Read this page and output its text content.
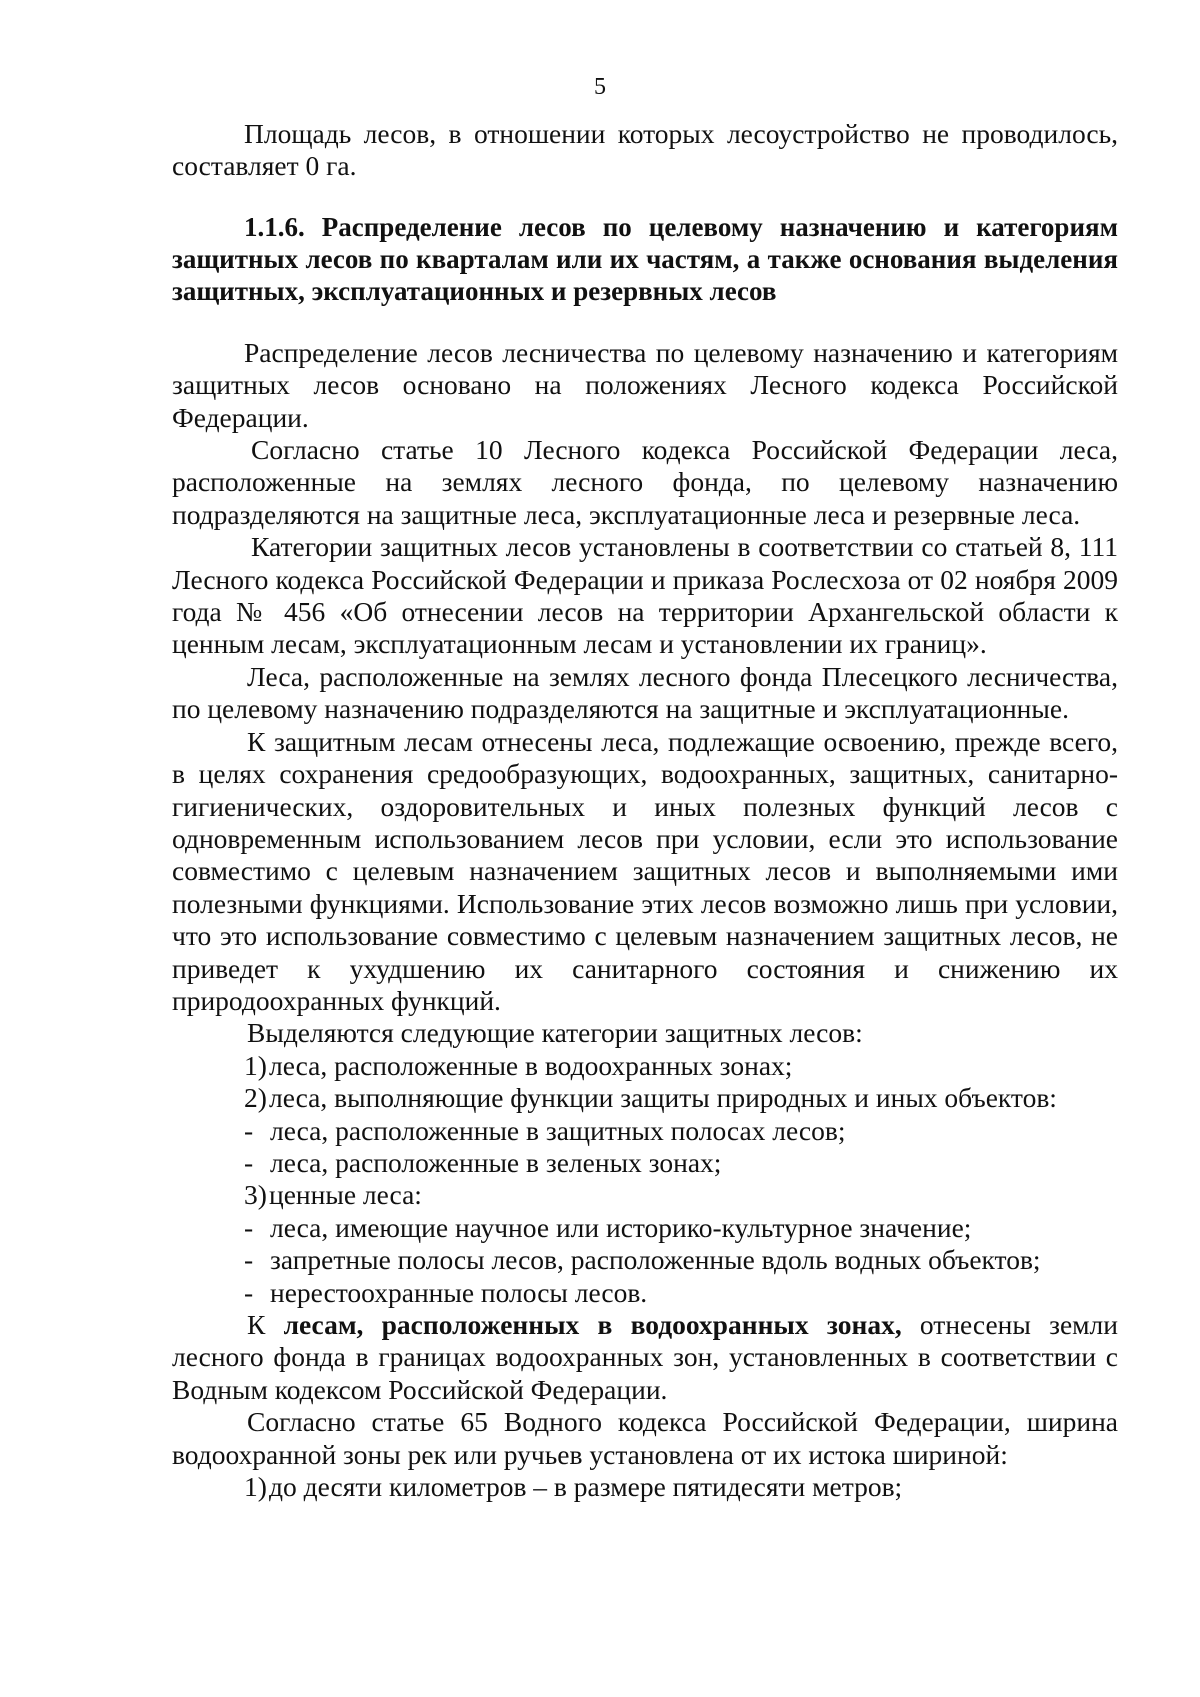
5

Площадь лесов, в отношении которых лесоустройство не проводилось, составляет 0 га.

1.1.6. Распределение лесов по целевому назначению и категориям защитных лесов по кварталам или их частям, а также основания выделения защитных, эксплуатационных и резервных лесов

Распределение лесов лесничества по целевому назначению и категориям защитных лесов основано на положениях Лесного кодекса Российской Федерации.

Согласно статье 10 Лесного кодекса Российской Федерации леса, расположенные на землях лесного фонда, по целевому назначению подразделяются на защитные леса, эксплуатационные леса и резервные леса.

Категории защитных лесов установлены в соответствии со статьей 8, 111 Лесного кодекса Российской Федерации и приказа Рослесхоза от 02 ноября 2009 года № 456 «Об отнесении лесов на территории Архангельской области к ценным лесам, эксплуатационным лесам и установлении их границ».

Леса, расположенные на землях лесного фонда Плесецкого лесничества, по целевому назначению подразделяются на защитные и эксплуатационные.

К защитным лесам отнесены леса, подлежащие освоению, прежде всего, в целях сохранения средообразующих, водоохранных, защитных, санитарно-гигиенических, оздоровительных и иных полезных функций лесов с одновременным использованием лесов при условии, если это использование совместимо с целевым назначением защитных лесов и выполняемыми ими полезными функциями. Использование этих лесов возможно лишь при условии, что это использование совместимо с целевым назначением защитных лесов, не приведет к ухудшению их санитарного состояния и снижению их природоохранных функций.

Выделяются следующие категории защитных лесов:

1)леса, расположенные в водоохранных зонах;
2)леса, выполняющие функции защиты природных и иных объектов:
- леса, расположенные в защитных полосах лесов;
- леса, расположенные в зеленых зонах;
3)ценные леса:
- леса, имеющие научное или историко-культурное значение;
- запретные полосы лесов, расположенные вдоль водных объектов;
- нерестоохранные полосы лесов.

К лесам, расположенных в водоохранных зонах, отнесены земли лесного фонда в границах водоохранных зон, установленных в соответствии с Водным кодексом Российской Федерации.

Согласно статье 65 Водного кодекса Российской Федерации, ширина водоохранной зоны рек или ручьев установлена от их истока шириной:

1)до десяти километров – в размере пятидесяти метров;
